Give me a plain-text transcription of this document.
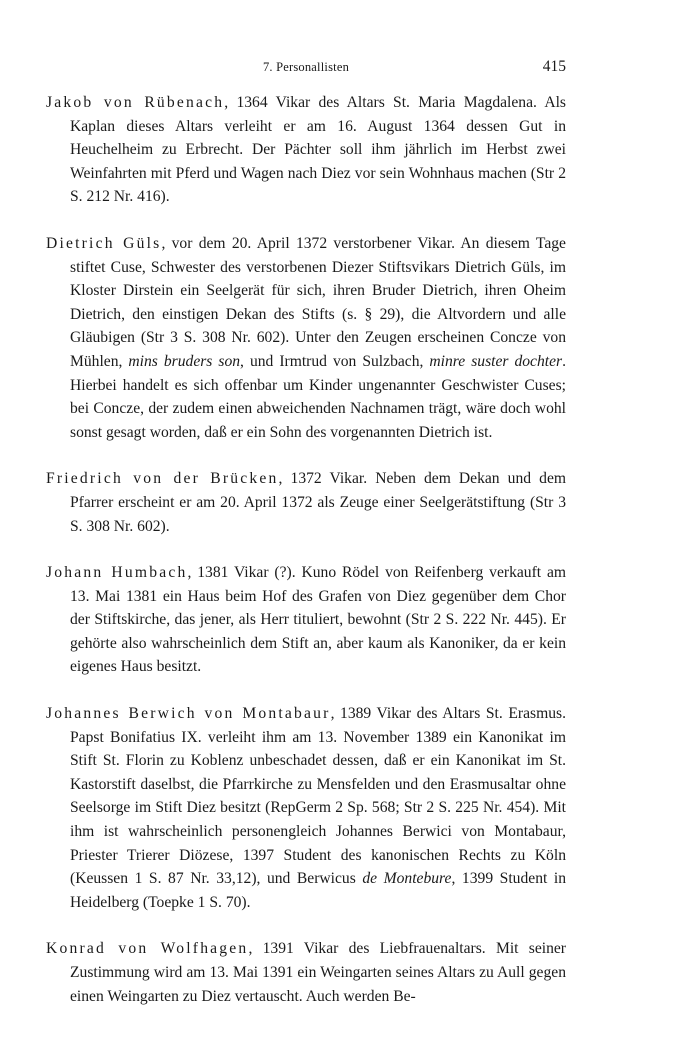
7. Personallisten	415

Jakob von Rübenach, 1364 Vikar des Altars St. Maria Magdalena. Als Kaplan dieses Altars verleiht er am 16. August 1364 dessen Gut in Heuchelheim zu Erbrecht. Der Pächter soll ihm jährlich im Herbst zwei Weinfahrten mit Pferd und Wagen nach Diez vor sein Wohnhaus machen (Str 2 S. 212 Nr. 416).

Dietrich Güls, vor dem 20. April 1372 verstorbener Vikar. An diesem Tage stiftet Cuse, Schwester des verstorbenen Diezer Stiftsvikars Dietrich Güls, im Kloster Dirstein ein Seelgerät für sich, ihren Bruder Dietrich, ihren Oheim Dietrich, den einstigen Dekan des Stifts (s. § 29), die Altvordern und alle Gläubigen (Str 3 S. 308 Nr. 602). Unter den Zeugen erscheinen Concze von Mühlen, mins bruders son, und Irmtrud von Sulzbach, minre suster dochter. Hierbei handelt es sich offenbar um Kinder ungenannter Geschwister Cuses; bei Concze, der zudem einen abweichenden Nachnamen trägt, wäre doch wohl sonst gesagt worden, daß er ein Sohn des vorgenannten Dietrich ist.

Friedrich von der Brücken, 1372 Vikar. Neben dem Dekan und dem Pfarrer erscheint er am 20. April 1372 als Zeuge einer Seelgerätstiftung (Str 3 S. 308 Nr. 602).

Johann Humbach, 1381 Vikar (?). Kuno Rödel von Reifenberg verkauft am 13. Mai 1381 ein Haus beim Hof des Grafen von Diez gegenüber dem Chor der Stiftskirche, das jener, als Herr tituliert, bewohnt (Str 2 S. 222 Nr. 445). Er gehörte also wahrscheinlich dem Stift an, aber kaum als Kanoniker, da er kein eigenes Haus besitzt.

Johannes Berwich von Montabaur, 1389 Vikar des Altars St. Erasmus. Papst Bonifatius IX. verleiht ihm am 13. November 1389 ein Kanonikat im Stift St. Florin zu Koblenz unbeschadet dessen, daß er ein Kanonikat im St. Kastorstift daselbst, die Pfarrkirche zu Mensfelden und den Erasmusaltar ohne Seelsorge im Stift Diez besitzt (RepGerm 2 Sp. 568; Str 2 S. 225 Nr. 454). Mit ihm ist wahrscheinlich personengleich Johannes Berwici von Montabaur, Priester Trierer Diözese, 1397 Student des kanonischen Rechts zu Köln (Keussen 1 S. 87 Nr. 33,12), und Berwicus de Montebure, 1399 Student in Heidelberg (Toepke 1 S. 70).

Konrad von Wolfhagen, 1391 Vikar des Liebfrauenaltars. Mit seiner Zustimmung wird am 13. Mai 1391 ein Weingarten seines Altars zu Aull gegen einen Weingarten zu Diez vertauscht. Auch werden Be-
